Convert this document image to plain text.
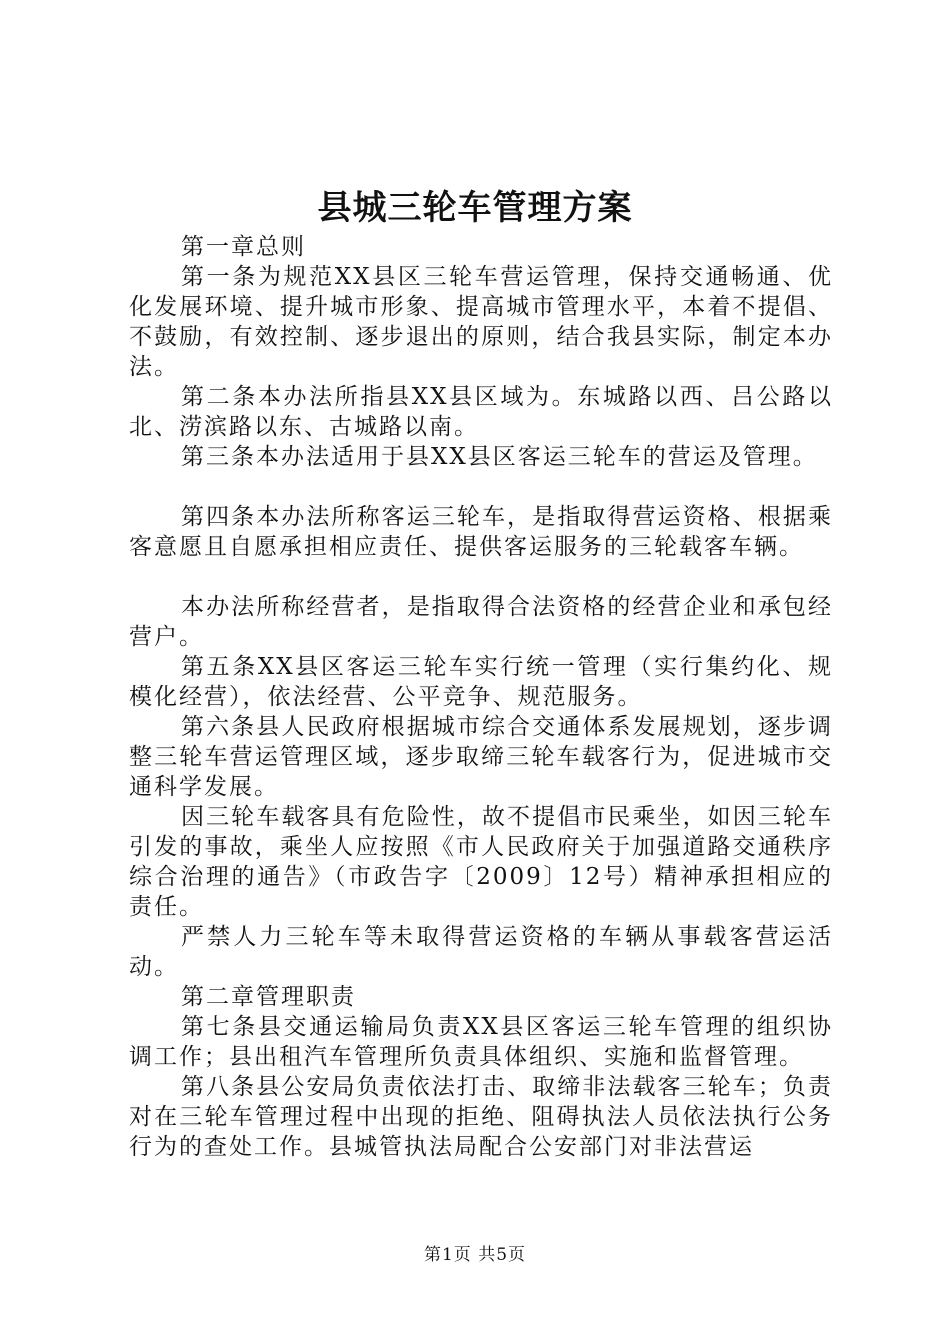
县城三轮车管理方案

第一章总则

第一条为规范XX县区三轮车营运管理，保持交通畅通、优化发展环境、提升城市形象、提高城市管理水平，本着不提倡、不鼓励，有效控制、逐步退出的原则，结合我县实际，制定本办法。

第二条本办法所指县XX县区域为。东城路以西、吕公路以北、涝滨路以东、古城路以南。

第三条本办法适用于县XX县区客运三轮车的营运及管理。

第四条本办法所称客运三轮车，是指取得营运资格、根据乘客意愿且自愿承担相应责任、提供客运服务的三轮载客车辆。

本办法所称经营者，是指取得合法资格的经营企业和承包经营户。

第五条XX县区客运三轮车实行统一管理（实行集约化、规模化经营），依法经营、公平竞争、规范服务。

第六条县人民政府根据城市综合交通体系发展规划，逐步调整三轮车营运管理区域，逐步取缔三轮车载客行为，促进城市交通科学发展。

因三轮车载客具有危险性，故不提倡市民乘坐，如因三轮车引发的事故，乘坐人应按照《市人民政府关于加强道路交通秩序综合治理的通告》（市政告字〔2009〕12号）精神承担相应的责任。

严禁人力三轮车等未取得营运资格的车辆从事载客营运活动。

第二章管理职责

第七条县交通运输局负责XX县区客运三轮车管理的组织协调工作；县出租汽车管理所负责具体组织、实施和监督管理。

第八条县公安局负责依法打击、取缔非法载客三轮车；负责对在三轮车管理过程中出现的拒绝、阻碍执法人员依法执行公务行为的查处工作。县城管执法局配合公安部门对非法营运

第1页 共5页
